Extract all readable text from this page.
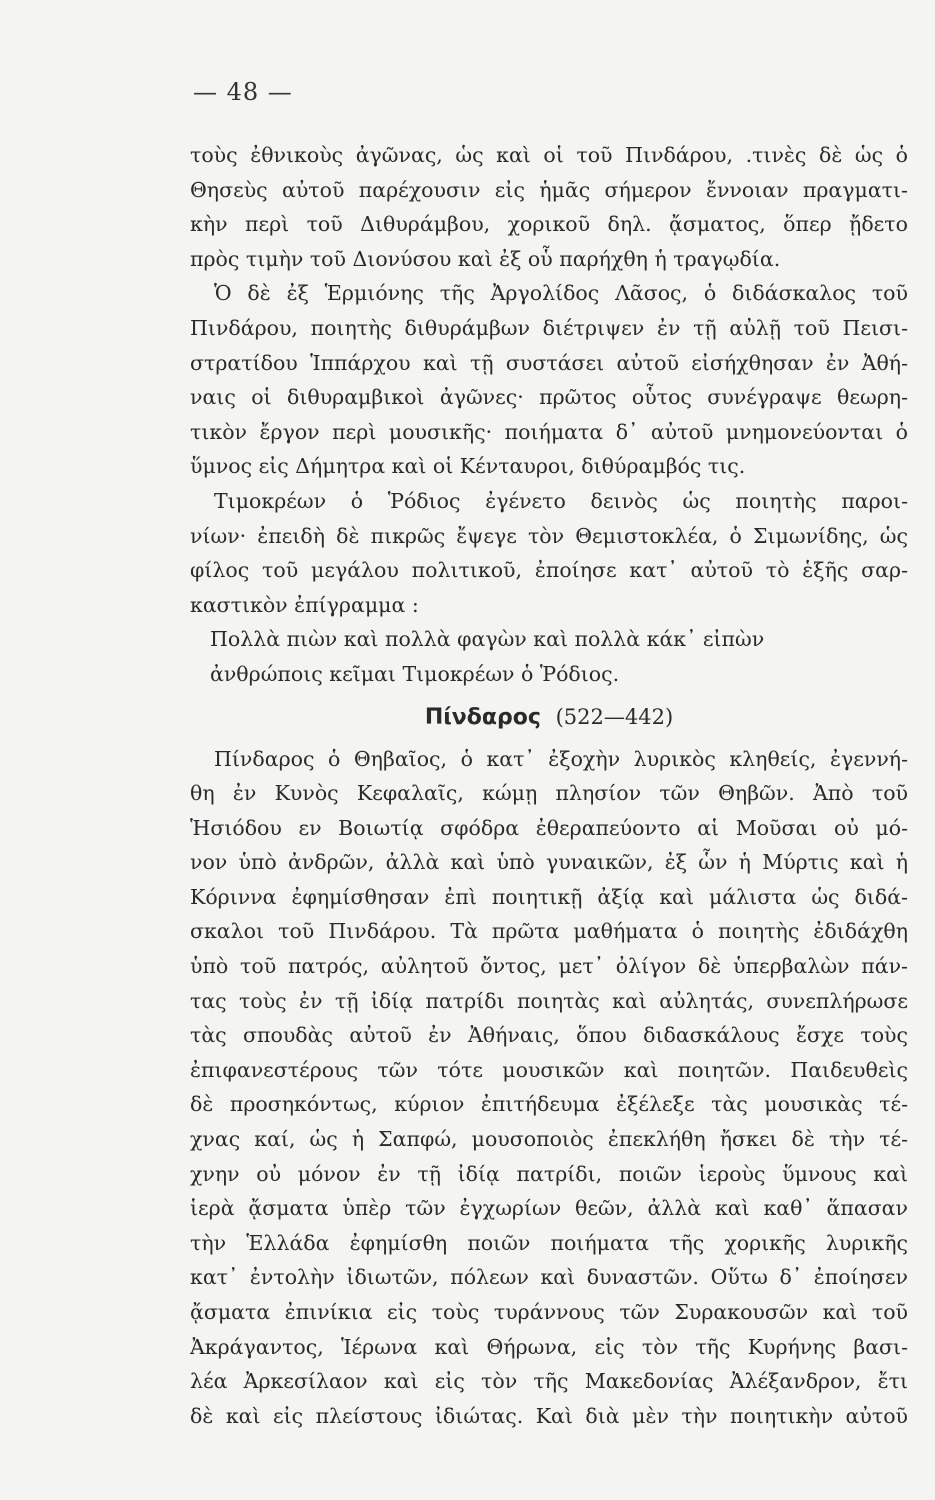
— 48 —
τοὺς ἐθνικοὺς ἀγῶνας, ὡς καὶ οἱ τοῦ Πινδάρου, .τινὲς δὲ ὡς ὁ
Θησεὺς αὐτοῦ παρέχουσιν εἰς ἡμᾶς σήμερον ἔννοιαν πραγματι-
κὴν περὶ τοῦ Διθυράμβου, χορικοῦ δηλ. ᾄσματος, ὅπερ ᾔδετο
πρὸς τιμὴν τοῦ Διονύσου καὶ ἐξ οὗ παρήχθη ἡ τραγῳδία.
Ὁ δὲ ἐξ Ἑρμιόνης τῆς Ἀργολίδος Λᾶσος, ὁ διδάσκαλος τοῦ
Πινδάρου, ποιητὴς διθυράμβων διέτριψεν ἐν τῇ αὐλῇ τοῦ Πεισι-
στρατίδου Ἱππάρχου καὶ τῇ συστάσει αὐτοῦ εἰσήχθησαν ἐν Ἀθή-
ναις οἱ διθυραμβικοὶ ἀγῶνες· πρῶτος οὗτος συνέγραψε θεωρη-
τικὸν ἔργον περὶ μουσικῆς· ποιήματα δ᾽ αὐτοῦ μνημονεύονται ὁ
ὕμνος εἰς Δήμητρα καὶ οἱ Κένταυροι, διθύραμβός τις.
Τιμοκρέων ὁ Ῥόδιος ἐγένετο δεινὸς ὡς ποιητὴς παροι-
νίων· ἐπειδὴ δὲ πικρῶς ἔψεγε τὸν Θεμιστοκλέα, ὁ Σιμωνίδης, ὡς
φίλος τοῦ μεγάλου πολιτικοῦ, ἐποίησε κατ᾽ αὐτοῦ τὸ ἑξῆς σαρ-
καστικὸν ἐπίγραμμα :
Πολλὰ πιὼν καὶ πολλὰ φαγὼν καὶ πολλὰ κάκ᾽ εἰπὼν
ἀνθρώποις κεῖμαι Τιμοκρέων ὁ Ῥόδιος.
Πίνδαρος (522—442)
Πίνδαρος ὁ Θηβαῖος, ὁ κατ᾽ ἐξοχὴν λυρικὸς κληθείς, ἐγεννή-
θη ἐν Κυνὸς Κεφαλαῖς, κώμῃ πλησίον τῶν Θηβῶν. Ἀπὸ τοῦ
Ἡσιόδου εν Βοιωτίᾳ σφόδρα ἐθεραπεύοντο αἱ Μοῦσαι οὐ μό-
νον ὑπὸ ἀνδρῶν, ἀλλὰ καὶ ὑπὸ γυναικῶν, ἐξ ὧν ἡ Μύρτις καὶ ἡ
Κόριννα ἐφημίσθησαν ἐπὶ ποιητικῇ ἀξίᾳ καὶ μάλιστα ὡς διδά-
σκαλοι τοῦ Πινδάρου. Τὰ πρῶτα μαθήματα ὁ ποιητὴς ἐδιδάχθη
ὑπὸ τοῦ πατρός, αὐλητοῦ ὄντος, μετ᾽ ὀλίγον δὲ ὑπερβαλὼν πάν-
τας τοὺς ἐν τῇ ἰδίᾳ πατρίδι ποιητὰς καὶ αὐλητάς, συνεπλήρωσε
τὰς σπουδὰς αὐτοῦ ἐν Ἀθήναις, ὅπου διδασκάλους ἔσχε τοὺς
ἐπιφανεστέρους τῶν τότε μουσικῶν καὶ ποιητῶν. Παιδευθεὶς
δὲ προσηκόντως, κύριον ἐπιτήδευμα ἐξέλεξε τὰς μουσικὰς τέ-
χνας καί, ὡς ἡ Σαπφώ, μουσοποιὸς ἐπεκλήθη ἤσκει δὲ τὴν τέ-
χνην οὐ μόνον ἐν τῇ ἰδίᾳ πατρίδι, ποιῶν ἱεροὺς ὕμνους καὶ
ἱερὰ ᾄσματα ὑπὲρ τῶν ἐγχωρίων θεῶν, ἀλλὰ καὶ καθ᾽ ἅπασαν
τὴν Ἑλλάδα ἐφημίσθη ποιῶν ποιήματα τῆς χορικῆς λυρικῆς
κατ᾽ ἐντολὴν ἰδιωτῶν, πόλεων καὶ δυναστῶν. Οὕτω δ᾽ ἐποίησεν
ᾄσματα ἐπινίκια εἰς τοὺς τυράννους τῶν Συρακουσῶν καὶ τοῦ
Ἀκράγαντος, Ἱέρωνα καὶ Θήρωνα, εἰς τὸν τῆς Κυρήνης βασι-
λέα Ἀρκεσίλαον καὶ εἰς τὸν τῆς Μακεδονίας Ἀλέξανδρον, ἔτι
δὲ καὶ εἰς πλείστους ἰδιώτας. Καὶ διὰ μὲν τὴν ποιητικὴν αὐτοῦ
